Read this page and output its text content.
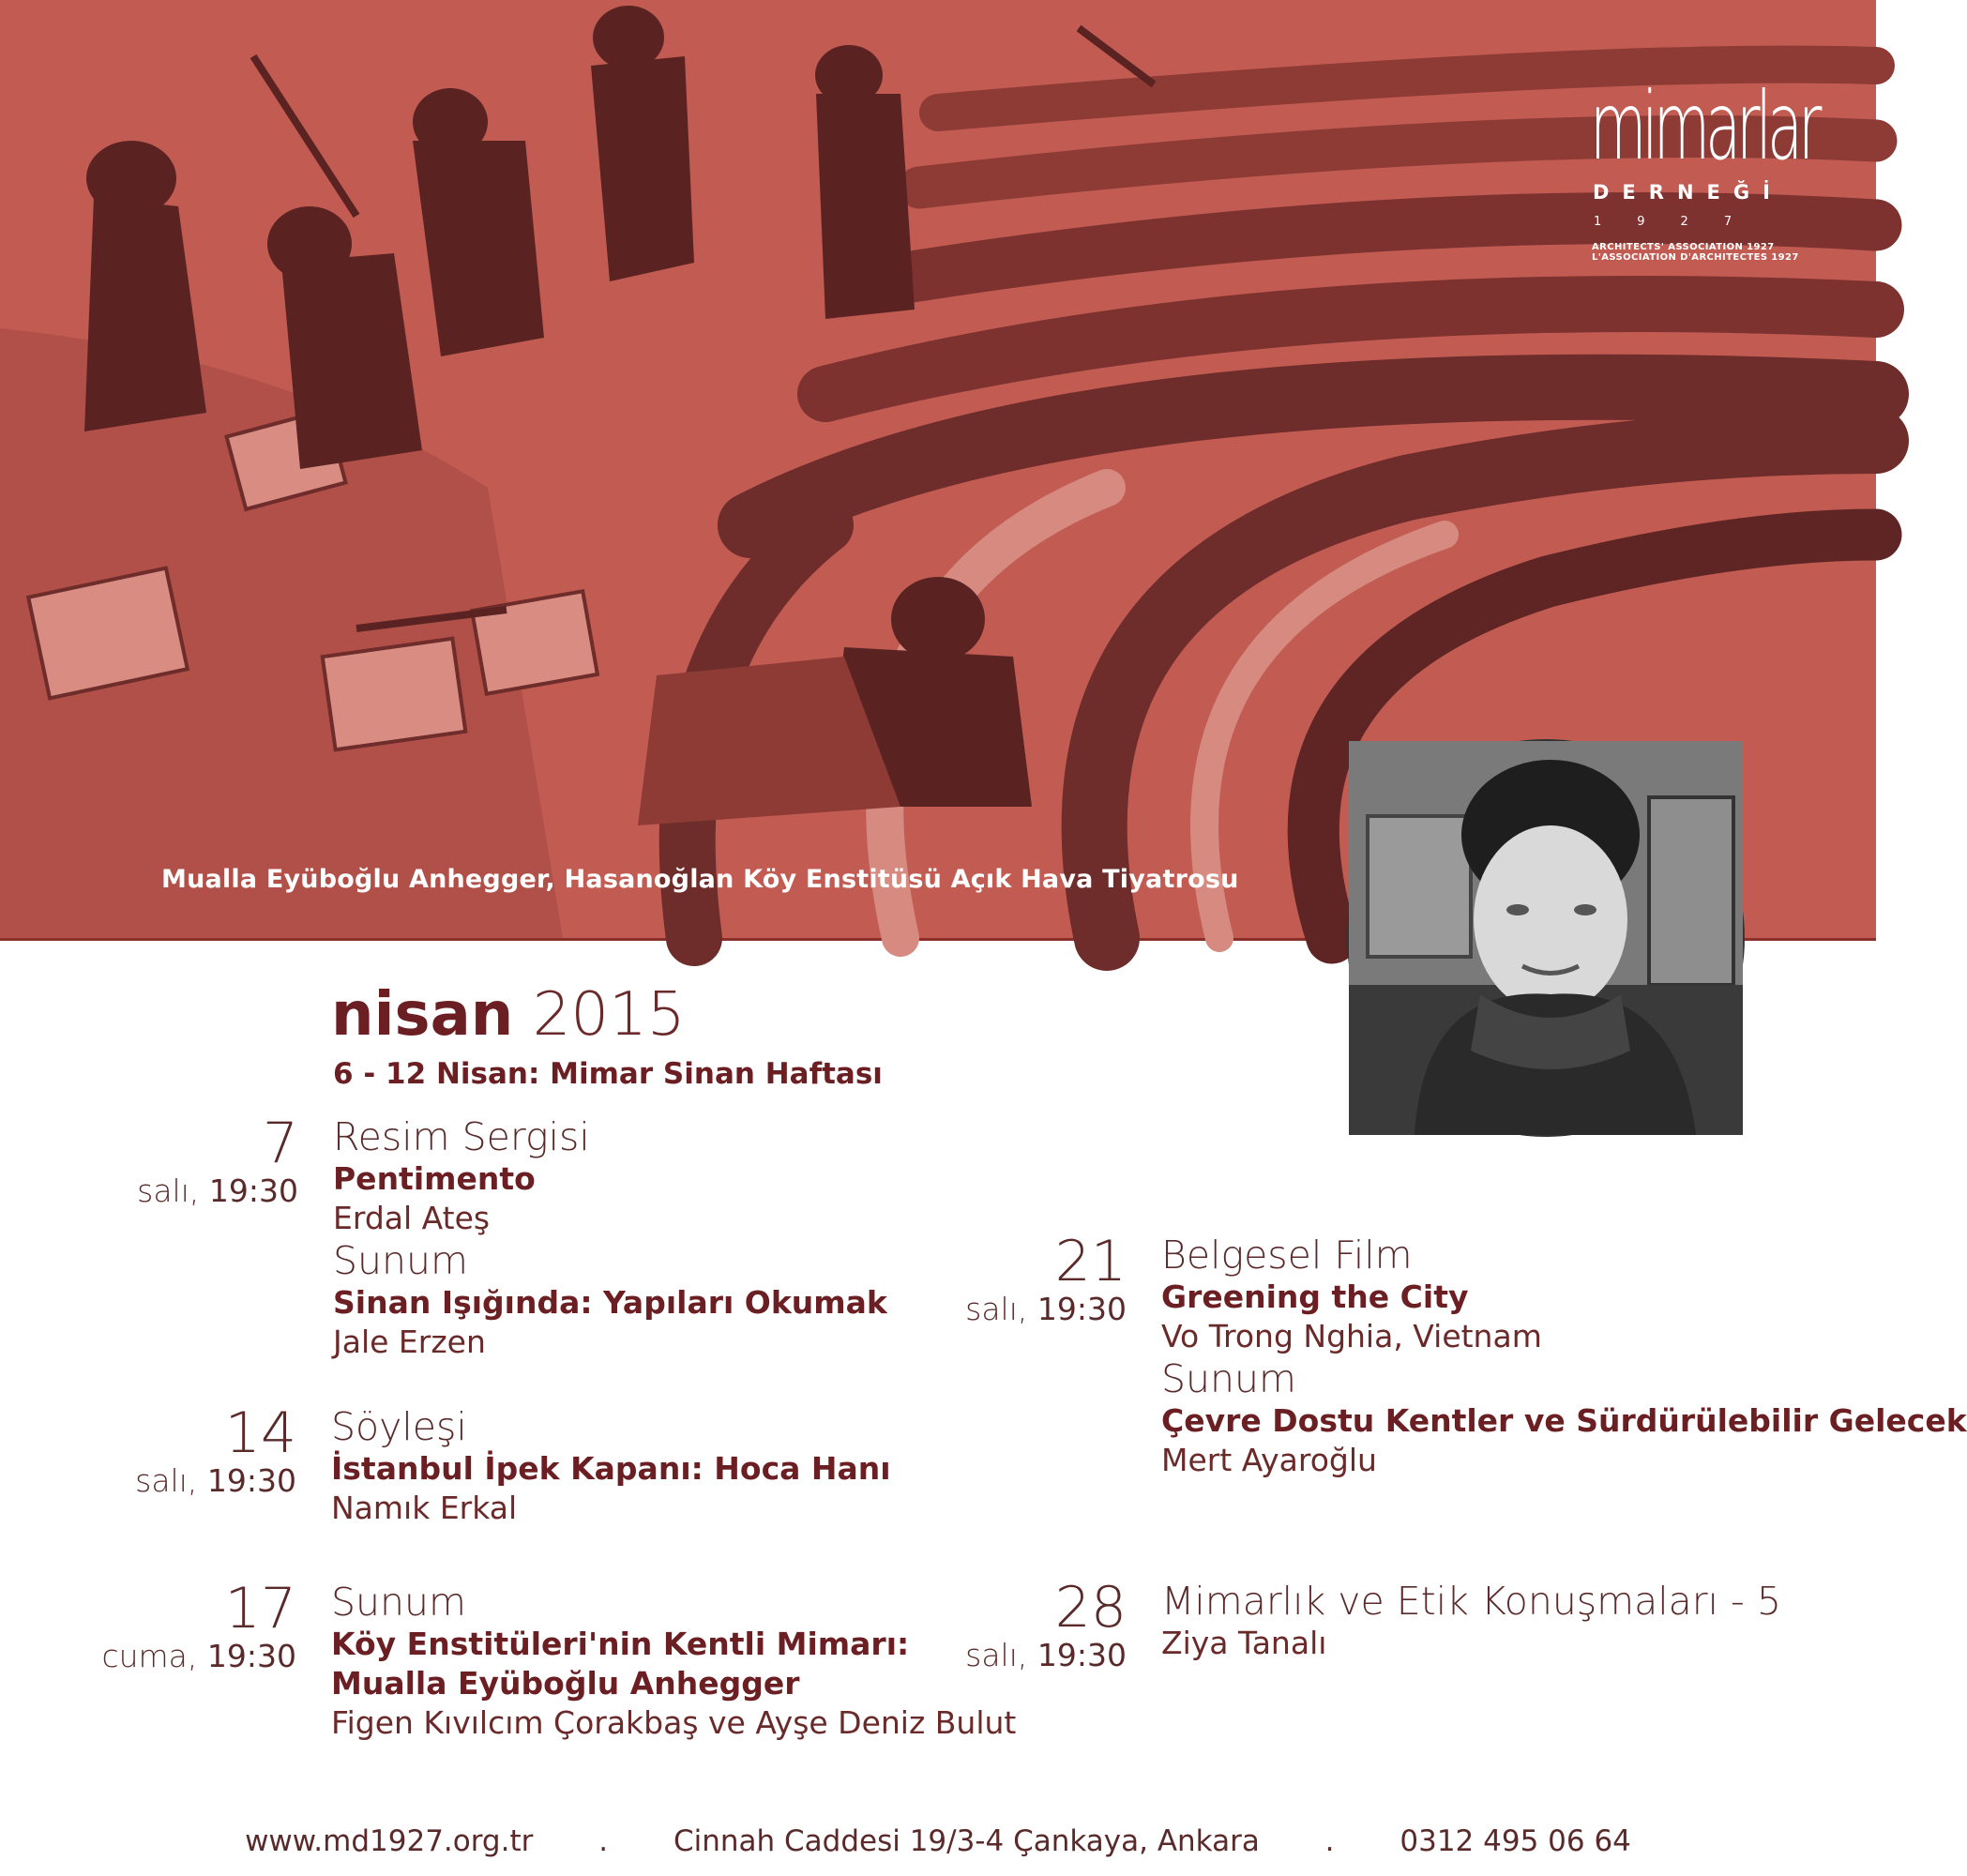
Mualla Eyüboğlu Anhegger, Hasanoğlan Köy Enstitüsü Açık Hava Tiyatrosu
mimarlar
DERNEĞİ
1927
ARCHITECTS' ASSOCIATION 1927
L'ASSOCIATION D'ARCHITECTES 1927
nisan 2015
6 - 12 Nisan: Mimar Sinan Haftası
7
salı, 19:30
Resim Sergisi
Pentimento
Erdal Ateş
Sunum
Sinan Işığında: Yapıları Okumak
Jale Erzen
14
salı, 19:30
Söyleşi
İstanbul İpek Kapanı: Hoca Hanı
Namık Erkal
17
cuma, 19:30
Sunum
Köy Enstitüleri'nin Kentli Mimarı:
Mualla Eyüboğlu Anhegger
Figen Kıvılcım Çorakbaş ve Ayşe Deniz Bulut
21
salı, 19:30
Belgesel Film
Greening the City
Vo Trong Nghia, Vietnam
Sunum
Çevre Dostu Kentler ve Sürdürülebilir Gelecek
Mert Ayaroğlu
28
salı, 19:30
Mimarlık ve Etik Konuşmaları - 5
Ziya Tanalı
www.md1927.org.tr . Cinnah Caddesi 19/3-4 Çankaya, Ankara . 0312 495 06 64
